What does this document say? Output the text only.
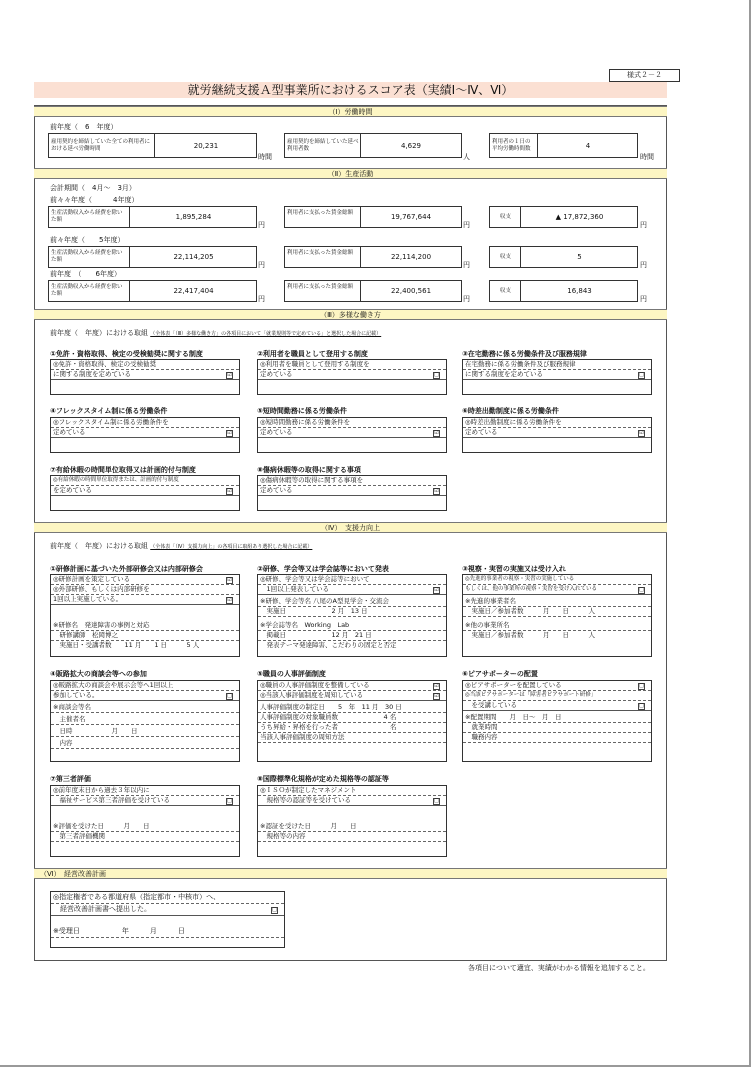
様式２－２
就労継続支援Ａ型事業所におけるスコア表（実績Ⅰ～Ⅳ、Ⅵ）
（Ⅰ）労働時間
前年度（　6　年度）
雇用契約を締結していた全ての利用者における延べ労働時間	20,231
時間
雇用契約を締結していた延べ利用者数	4,629
人
利用者の１日の平均労働時間数	4
時間
（Ⅱ）生産活動
会計期間（　4月～　3月）
前々々年度（　　　4年度）
生産活動収入から経費を除いた額	1,895,284
円
利用者に支払った賃金総額	19,767,644
円
収支	▲ 17,872,360
円
前々年度（　　5年度）
生産活動収入から経費を除いた額	22,114,205
円
利用者に支払った賃金総額	22,114,200
円
収支	5
円
前年度　（　　6年度）
生産活動収入から経費を除いた額	22,417,404
円
利用者に支払った賃金総額	22,400,561
円
収支	16,843
円
（Ⅲ）多様な働き方
前年度（　年度）における取組 （全体表「（Ⅲ）多様な働き方」の各項目において「就業規則等で定めている」と選択した場合に記載）
①免許・資格取得、検定の受検勧奨に関する制度
◎免許・資格取得、検定の受検勧奨
に関する制度を定めている	☑
②利用者を職員として登用する制度
◎利用者を職員として登用する制度を
定めている	□
③在宅勤務に係る労働条件及び服務規律
在宅勤務に係る労働条件及び服務規律
に関する制度を定めている	□
④フレックスタイム制に係る労働条件
◎フレックスタイム制に係る労働条件を
定めている	☑
⑤短時間勤務に係る労働条件
◎短時間勤務に係る労働条件を
定めている	☑
⑥時差出勤制度に係る労働条件
◎時差出勤制度に係る労働条件を
定めている	☑
⑦有給休暇の時間単位取得又は計画的付与制度
◎有給休暇の時間単位取得または、計画的付与制度
を定めている	☑
⑧傷病休暇等の取得に関する事項
◎傷病休暇等の取得に関する事項を
定めている	☑
（Ⅳ）　支援力向上
前年度（　年度）における取組 （全体表「（Ⅳ）支援力向上」の各項目に取組あり選択した場合に記載）
①研修計画に基づいた外部研修会又は内部研修会
◎研修計画を策定している	☑
◎外部研修、もしくは内部研修を
1回以上実施している。	☑
※研修名　発達障害の事例と対応
　研修講師　松岡博之
　実施日・受講者数　　11 月　　1 日　　　5 人
②研修、学会等又は学会誌等において発表
◎研修、学会等又は学会誌等において
　1回以上発表している	☑
※研修、学会等名 八尾のA型見学会・交流会
　実施日　　　　　　　2 月　13 日
※学会誌等名　Working　Lab
　掲載日　　　　　　　12 月　21 日
　発表テーマ発達障害、こだわりの固定と否定
③視察・実習の実施又は受け入れ
◎先進的事業者の視察・実習の実施している
もしくは、他の事業所の視察・実習を受け入れている	□
※先進的事業者名
　実施日／参加者数　　　月　　日　　　人
※他の事業所名
　実施日／参加者数　　　月　　日　　　人
④販路拡大の商談会等への参加
◎販路拡大の商談会や展示会等へ1回以上
参加している。	□
※商談会等名
　主催者名
　日時　　　　　　月　　日
　内容
⑤職員の人事評価制度
◎職員の人事評価制度を整備している	☑
◎当該人事評価制度を周知している	☑
人事評価制度の制定日　　5　年　11 月　30 日
人事評価制度の対象職員数　　　　　　　4 名
うち昇給・昇格を行った者　　　　　　　　名
当該人事評価制度の周知方法
⑥ピアサポーターの配置
◎ピアサポーターを配置している	□
◎当該ピアサポーターは「障害者ピアサポート研修」
　を受講している	□
※配置期間　　月　日～　月　日
　就業時間
　職務内容
⑦第三者評価
◎前年度末日から過去３年以内に
　福祉サービス第三者評価を受けている	□
※評価を受けた日　　　月　　日
　第三者評価機関
⑧国際標準化規格が定めた規格等の認証等
◎ＩＳＯが制定したマネジメント
　規格等の認証等を受けている	□
※認証を受けた日　　　月　　日
　規格等の内容
（Ⅵ）　経営改善計画
◎指定権者である都道府県（指定都市・中核市）へ、
　経営改善計画書へ提出した。	□
※受理日　　　　　　年　　　月　　　日
各項目について適宜、実績がわかる情報を追加すること。
